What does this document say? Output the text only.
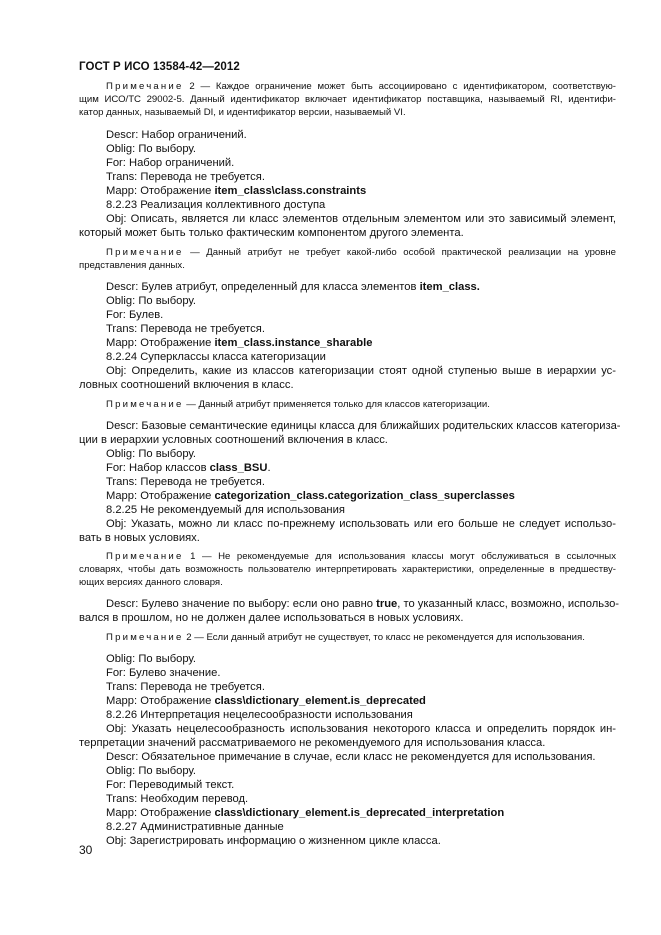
ГОСТ Р ИСО 13584-42—2012
Примечание 2 — Каждое ограничение может быть ассоциировано с идентификатором, соответствую-
щим ИСО/ТС 29002-5. Данный идентификатор включает идентификатор поставщика, называемый RI, идентифи-
катор данных, называемый DI, и идентификатор версии, называемый VI.
Descr: Набор ограничений.
Oblig: По выбору.
For: Набор ограничений.
Trans: Перевода не требуется.
Mapp: Отображение item_class\class.constraints
8.2.23 Реализация коллективного доступа
Obj: Описать, является ли класс элементов отдельным элементом или это зависимый элемент,
который может быть только фактическим компонентом другого элемента.
Примечание — Данный атрибут не требует какой-либо особой практической реализации на уровне
представления данных.
Descr: Булев атрибут, определенный для класса элементов item_class.
Oblig: По выбору.
For: Булев.
Trans: Перевода не требуется.
Mapp: Отображение item_class.instance_sharable
8.2.24 Суперклассы класса категоризации
Obj: Определить, какие из классов категоризации стоят одной ступенью выше в иерархии ус-
ловных соотношений включения в класс.
Примечание — Данный атрибут применяется только для классов категоризации.
Descr: Базовые семантические единицы класса для ближайших родительских классов категориза-
ции в иерархии условных соотношений включения в класс.
Oblig: По выбору.
For: Набор классов class_BSU.
Trans: Перевода не требуется.
Mapp: Отображение categorization_class.categorization_class_superclasses
8.2.25 Не рекомендуемый для использования
Obj: Указать, можно ли класс по-прежнему использовать или его больше не следует использо-
вать в новых условиях.
Примечание 1 — Не рекомендуемые для использования классы могут обслуживаться в ссылочных
словарях, чтобы дать возможность пользователю интерпретировать характеристики, определенные в предшеству-
ющих версиях данного словаря.
Descr: Булево значение по выбору: если оно равно true, то указанный класс, возможно, использо-
вался в прошлом, но не должен далее использоваться в новых условиях.
Примечание 2 — Если данный атрибут не существует, то класс не рекомендуется для использования.
Oblig: По выбору.
For: Булево значение.
Trans: Перевода не требуется.
Mapp: Отображение class\dictionary_element.is_deprecated
8.2.26 Интерпретация нецелесообразности использования
Obj: Указать нецелесообразность использования некоторого класса и определить порядок ин-
терпретации значений рассматриваемого не рекомендуемого для использования класса.
Descr: Обязательное примечание в случае, если класс не рекомендуется для использования.
Oblig: По выбору.
For: Переводимый текст.
Trans: Необходим перевод.
Mapp: Отображение class\dictionary_element.is_deprecated_interpretation
8.2.27 Административные данные
Obj: Зарегистрировать информацию о жизненном цикле класса.
30
